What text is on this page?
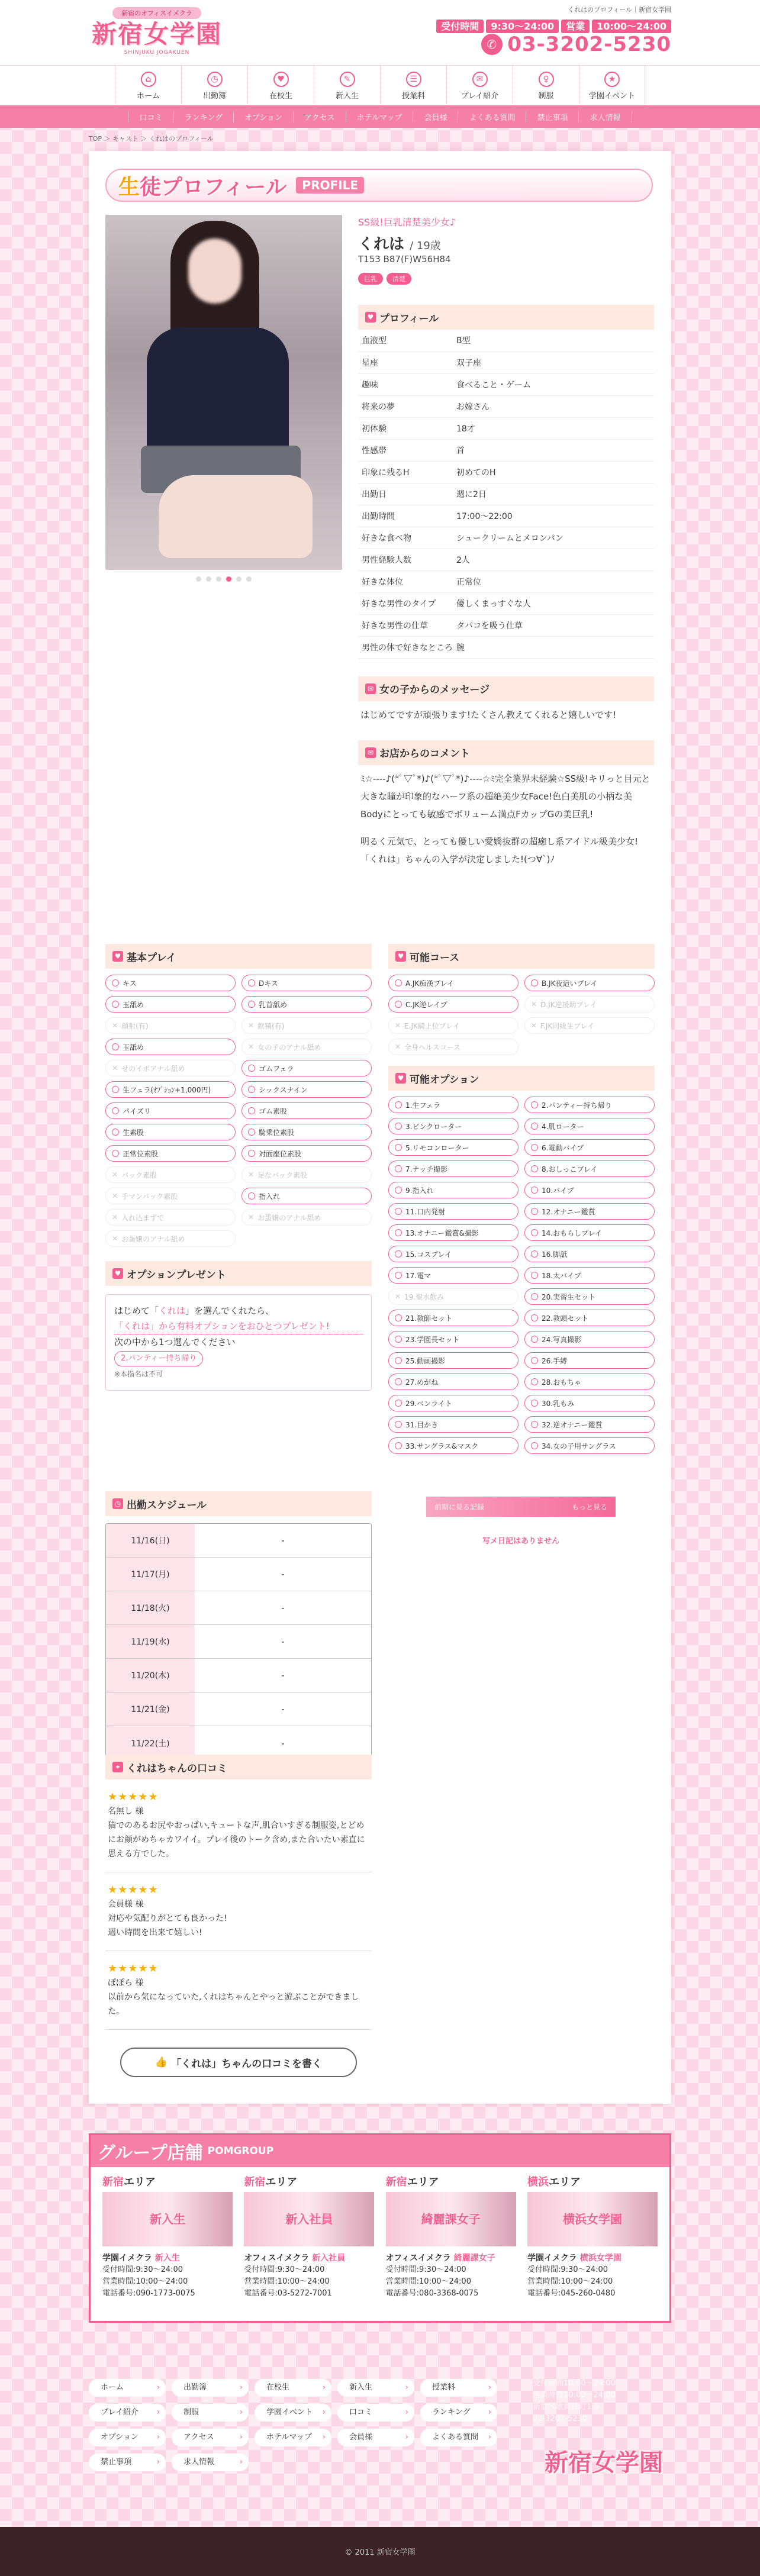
新宿のオフィスイメクラ
新宿女学園
SHINJUKU JOGAKUEN
くれはのプロフィール｜新宿女学園
受付時間 9:30～24:00 営業 10:00～24:00
✆ 03-3202-5230
⌂
ホーム
◷
出勤簿
♥
在校生
✎
新入生
☰
授業料
✉
プレイ紹介
♀
制服
★
学園イベント
口コミ	ランキング	オプション	アクセス	ホテルマップ	会員様	よくある質問	禁止事項	求人情報
TOP ＞ キャスト ＞ くれはのプロフィール
生徒プロフィール	PROFILE
SS級!巨乳清楚美少女♪
くれは / 19歳
T153 B87(F)W56H84
巨乳 清楚
♥ プロフィール
血液型	B型
星座	双子座
趣味	食べること・ゲーム
将来の夢	お嫁さん
初体験	18才
性感帯	首
印象に残るH	初めてのH
出勤日	週に2日
出勤時間	17:00～22:00
好きな食べ物	シュークリームとメロンパン
男性経験人数	2人
好きな体位	正常位
好きな男性のタイプ	優しくまっすぐな人
好きな男性の仕草	タバコを吸う仕草
男性の体で好きなところ	腕
✉ 女の子からのメッセージ
はじめてですが頑張ります!たくさん教えてくれると嬉しいです!
✉ お店からのコメント
ﾐ☆----♪(*ﾟ▽ﾟ*)♪(*ﾟ▽ﾟ*)♪----☆ﾐ完全業界未経験☆SS級!キリっと目元と大きな瞳が印象的なハーフ系の超絶美少女Face!色白美肌の小柄な美Bodyにとっても敏感でボリューム満点FカップGの美巨乳!
明るく元気で、とっても優しい愛嬌抜群の超癒し系アイドル級美少女!「くれは」ちゃんの入学が決定しました!(つ∀`)ﾉ
♥ 基本プレイ
キス	Dキス
玉舐め	乳首舐め
✕ 顔射(有)	✕ 飲精(有)
玉舐め	✕ 女の子のアナル舐め
✕ せのイボアナル舐め	ゴムフェラ
生フェラ(ｵﾌﾟｼｮﾝ+1,000円)	シックスナイン
パイズリ	ゴム素股
生素股	騎乗位素股
正常位素股	対面座位素股
✕ パック素股	✕ 足なパック素股
✕ 手マンパック素股	指入れ
✕ 入れ込まずで	✕ お蛋嬢のアナル舐め
✕ お蛋嬢のアナル舐め
♥ オプションプレゼント
はじめて「くれは」を選んでくれたら、
「くれは」から有料オプションをおひとつプレゼント!
次の中から1つ選んでください
2.パンティー持ち帰り
※本指名は不可
♥ 可能コース
A.JK痴漢プレイ	B.JK夜這いプレイ
C.JK逆レイプ	✕ D.JK逆援助プレイ
✕ E.JK騎上位プレイ	✕ F.JK同級生プレイ
✕ 全身ヘルスコース
♥ 可能オプション
1.生フェラ	2.パンティー持ち帰り
3.ピンクローター	4.肌ローター
5.リモコンローター	6.電動バイブ
7.ナッチ撮影	8.おしっこプレイ
9.指入れ	10.バイブ
11.口内発射	12.オナニー鑑賞
13.オナニー鑑賞&撮影	14.おもらしプレイ
15.コスプレイ	16.脚舐
17.電マ	18.太バイブ
✕ 19.聖水飲み	20.実習生セット
21.教師セット	22.教頭セット
23.学園長セット	24.写真撮影
25.動画撮影	26.手縛
27.めがね	28.おもちゃ
29.ベンライト	30.乳もみ
31.目かき	32.逆オナニー鑑賞
33.サングラス&マスク	34.女の子用サングラス
◷ 出勤スケジュール
11/16(日)	-
11/17(月)	-
11/18(火)	-
11/19(水)	-
11/20(木)	-
11/21(金)	-
11/22(土)	-
前期に見る記録	もっと見る
写メ日記はありません
✦ くれはちゃんの口コミ
★★★★★
名無し 様
猫でのあるお尻やおっぱい,キュートな声,肌合いすぎる制服姿,とどめにお顔がめちゃカワイイ。プレイ後のトーク含め,また合いたい素直に思える方でした。
★★★★★
会員様 様
対応や気配りがとても良かった!
週い時間を出来て嬉しい!
★★★★★
ぽぽら 様
以前から気になっていた,くれはちゃんとやっと遊ぶことができました。
👍 「くれは」ちゃんの口コミを書く
グループ店舗 POMGROUP
新宿エリア
新入生
学園イメクラ 新入生
受付時間:9:30～24:00
営業時間:10:00～24:00
電話番号:090-1773-0075
新宿エリア
新入社員
オフィスイメクラ 新入社員
受付時間:9:30～24:00
営業時間:10:00～24:00
電話番号:03-5272-7001
新宿エリア
綺麗課女子
オフィスイメクラ 綺麗課女子
受付時間:9:30～24:00
営業時間:10:00～24:00
電話番号:080-3368-0075
横浜エリア
横浜女学園
学園イメクラ 横浜女学園
受付時間:9:30～24:00
営業時間:10:00～24:00
電話番号:045-260-0480
ホーム ›	出勤簿 ›	在校生 ›	新入生 ›	授業料 ›
プレイ紹介 ›	制服 ›	学園イベント ›	口コミ ›	ランキング ›
オプション ›	アクセス ›	ホテルマップ ›	会員様 ›	よくある質問 ›
禁止事項 ›	求人情報 ›
受付時間10:00～24:00
営業時間10:00～24:00
新宿区歌舞伎町1-9
03-3202-5230
新宿女学園
© 2011 新宿女学園
